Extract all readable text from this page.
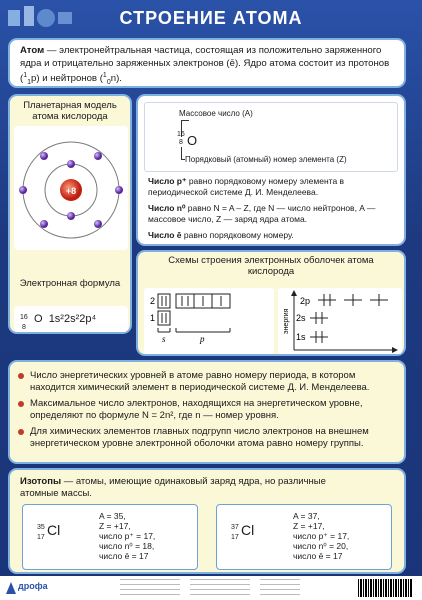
СТРОЕНИЕ АТОМА
Атом — электронейтральная частица, состоящая из положительно заряженного ядра и отрицательно заряженных электронов (ē). Ядро атома состоит из протонов ($^1_1$p) и нейтронов ($^1_0$n).
Планетарная модель атома кислорода
+8
Электронная формула
16
8
O 1s²2s²2p⁴
Массовое число (A)
16
8 O
Порядковый (атомный) номер элемента (Z)

Число p⁺ равно порядковому номеру элемента в периодической системе Д. И. Менделеева.

Число n⁰ равно N = A – Z, где N — число нейтронов, A — массовое число, Z — заряд ядра атома.

Число ē равно порядковому номеру.

Схемы строения электронных оболочек атома кислорода
2
1
s	p
энергия
2p
2s
1s
Число энергетических уровней в атоме равно номеру периода, в котором находится химический элемент в периодической системе Д. И. Менделеева.
Максимальное число электронов, находящихся на энергетическом уровне, определяют по формуле N = 2n², где n — номер уровня.
Для химических элементов главных подгрупп число электронов на внешнем энергетическом уровне электронной оболочки атома равно номеру группы.
Изотопы — атомы, имеющие одинаковый заряд ядра, но различные атомные массы.
35
17 Cl
A = 35,
Z = +17,
число p⁺ = 17,
число n⁰ = 18,
число ē = 17
37
17 Cl
A = 37,
Z = +17,
число p⁺ = 17,
число n⁰ = 20,
число ē = 17
дрофа
